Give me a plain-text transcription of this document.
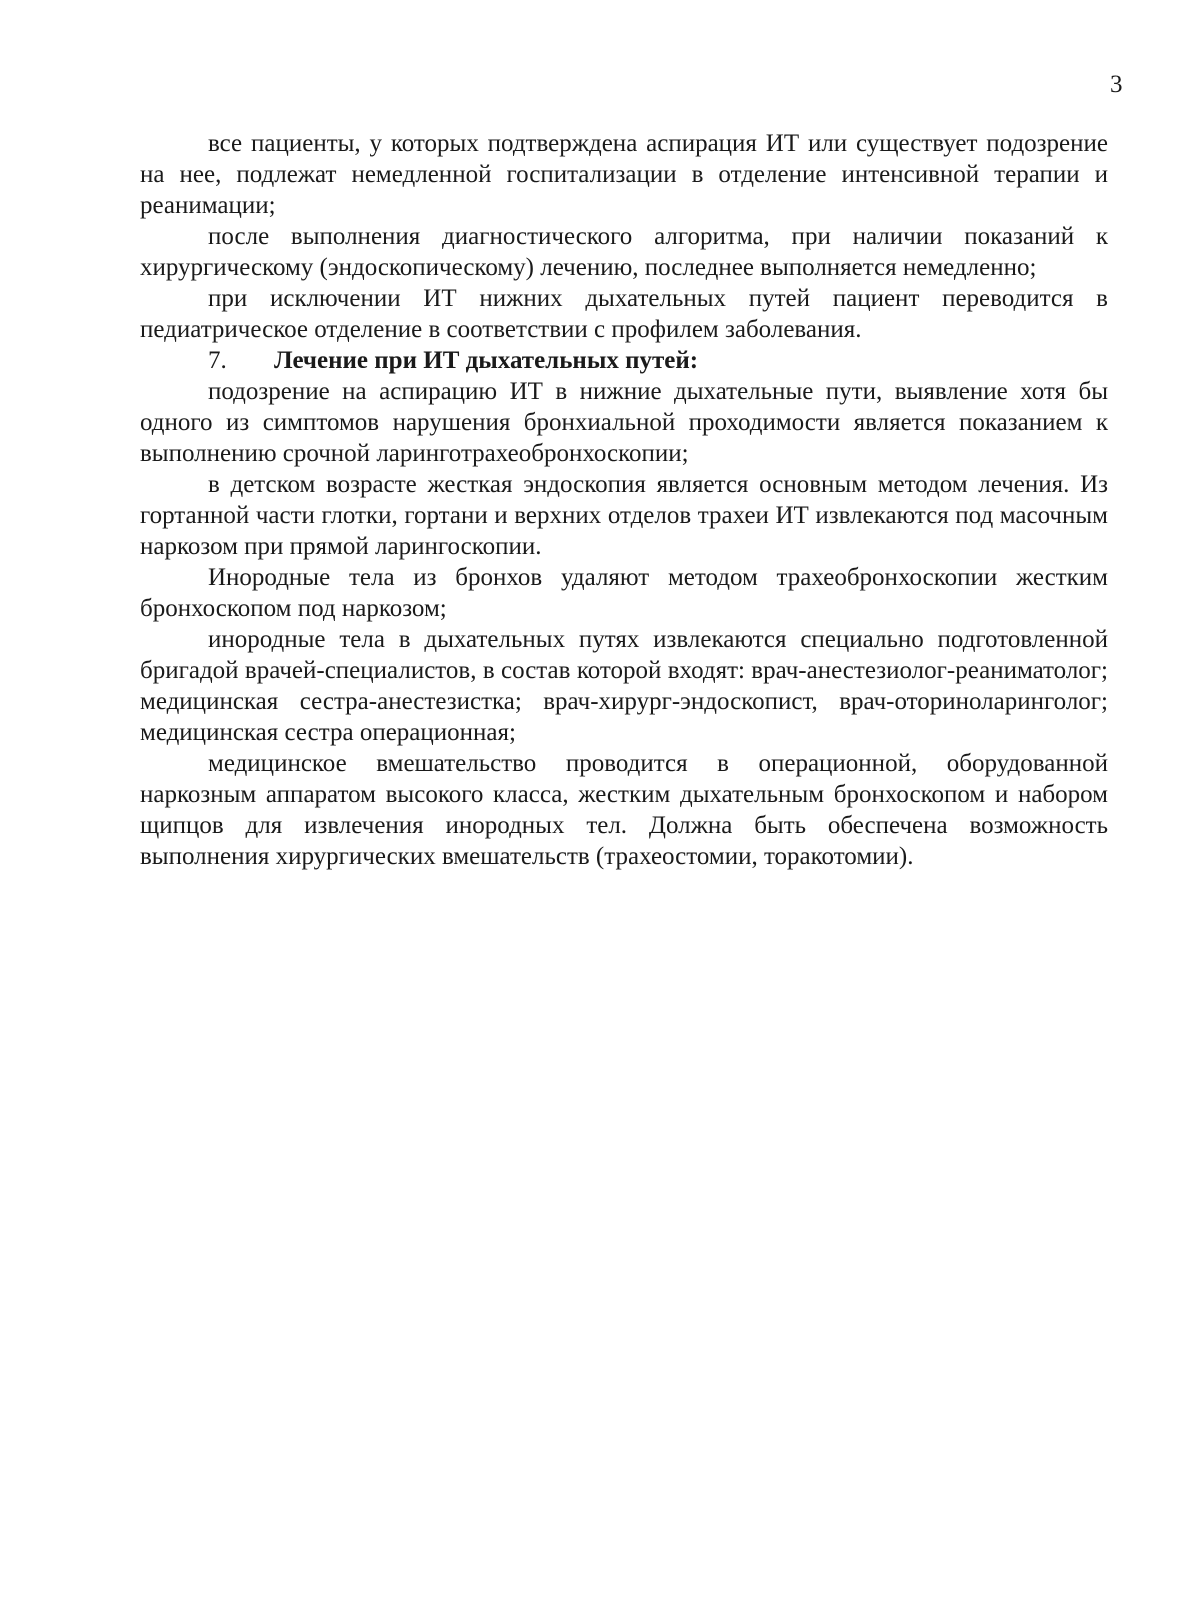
3

все пациенты, у которых подтверждена аспирация ИТ или существует подозрение на нее, подлежат немедленной госпитализации в отделение интенсивной терапии и реанимации;

после выполнения диагностического алгоритма, при наличии показаний к хирургическому (эндоскопическому) лечению, последнее выполняется немедленно;

при исключении ИТ нижних дыхательных путей пациент переводится в педиатрическое отделение в соответствии с профилем заболевания.

7.	Лечение при ИТ дыхательных путей:

подозрение на аспирацию ИТ в нижние дыхательные пути, выявление хотя бы одного из симптомов нарушения бронхиальной проходимости является показанием к выполнению срочной ларинготрахеобронхоскопии;

в детском возрасте жесткая эндоскопия является основным методом лечения. Из гортанной части глотки, гортани и верхних отделов трахеи ИТ извлекаются под масочным наркозом при прямой ларингоскопии.

Инородные тела из бронхов удаляют методом трахеобронхоскопии жестким бронхоскопом под наркозом;

инородные тела в дыхательных путях извлекаются специально подготовленной бригадой врачей-специалистов, в состав которой входят: врач-анестезиолог-реаниматолог; медицинская сестра-анестезистка; врач-хирург-эндоскопист, врач-оториноларинголог; медицинская сестра операционная;

медицинское вмешательство проводится в операционной, оборудованной наркозным аппаратом высокого класса, жестким дыхательным бронхоскопом и набором щипцов для извлечения инородных тел. Должна быть обеспечена возможность выполнения хирургических вмешательств (трахеостомии, торакотомии).
